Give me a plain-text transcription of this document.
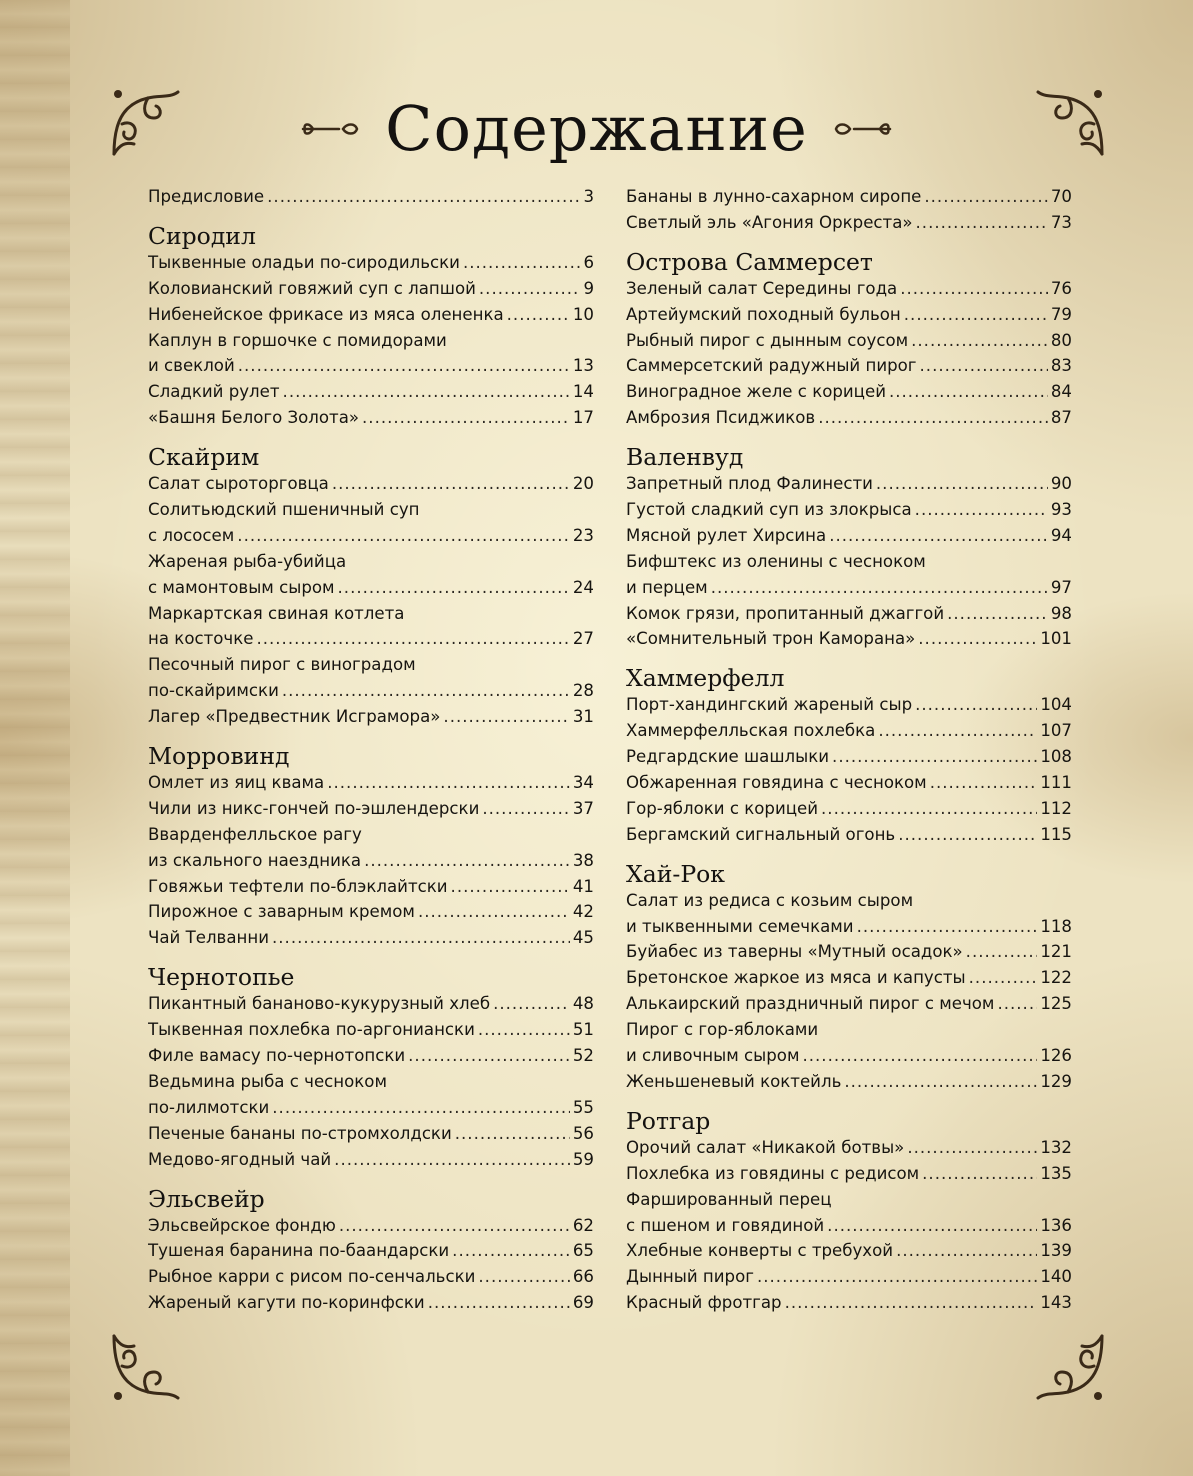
Содержание
Предисловие .....	3
Сиродил
Тыквенные оладьи по-сиродильски .....	6
Коловианский говяжий суп с лапшой .....	9
Нибенейское фрикасе из мяса олененка .....	10
Каплун в горшочке с помидорами
и свеклой .....	13
Сладкий рулет .....	14
«Башня Белого Золота» .....	17
Скайрим
Салат сыроторговца .....	20
Солитьюдский пшеничный суп
с лососем .....	23
Жареная рыба-убийца
с мамонтовым сыром .....	24
Маркартская свиная котлета
на косточке .....	27
Песочный пирог с виноградом
по-скайримски .....	28
Лагер «Предвестник Исграмора» .....	31
Морровинд
Омлет из яиц квама .....	34
Чили из никс-гончей по-эшлендерски .....	37
Вварденфелльское рагу
из скального наездника .....	38
Говяжьи тефтели по-блэклайтски .....	41
Пирожное с заварным кремом .....	42
Чай Телванни .....	45
Чернотопье
Пикантный бананово-кукурузный хлеб .....	48
Тыквенная похлебка по-аргониански .....	51
Филе вамасу по-чернотопски .....	52
Ведьмина рыба с чесноком
по-лилмотски .....	55
Печеные бананы по-стромхолдски .....	56
Медово-ягодный чай .....	59
Эльсвейр
Эльсвейрское фондю .....	62
Тушеная баранина по-баандарски .....	65
Рыбное карри с рисом по-сенчальски .....	66
Жареный кагути по-коринфски .....	69
Бананы в лунно-сахарном сиропе .....	70
Светлый эль «Агония Оркреста» .....	73
Острова Саммерсет
Зеленый салат Середины года .....	76
Артейумский походный бульон .....	79
Рыбный пирог с дынным соусом .....	80
Саммерсетский радужный пирог .....	83
Виноградное желе с корицей .....	84
Амброзия Псиджиков .....	87
Валенвуд
Запретный плод Фалинести .....	90
Густой сладкий суп из злокрыса .....	93
Мясной рулет Хирсина .....	94
Бифштекс из оленины с чесноком
и перцем .....	97
Комок грязи, пропитанный джаггой .....	98
«Сомнительный трон Каморана» .....	101
Хаммерфелл
Порт-хандингский жареный сыр .....	104
Хаммерфелльская похлебка .....	107
Редгардские шашлыки .....	108
Обжаренная говядина с чесноком .....	111
Гор-яблоки с корицей .....	112
Бергамский сигнальный огонь .....	115
Хай-Рок
Салат из редиса с козьим сыром
и тыквенными семечками .....	118
Буйабес из таверны «Мутный осадок» .....	121
Бретонское жаркое из мяса и капусты .....	122
Алькаирский праздничный пирог с мечом .....	125
Пирог с гор-яблоками
и сливочным сыром .....	126
Женьшеневый коктейль .....	129
Ротгар
Орочий салат «Никакой ботвы» .....	132
Похлебка из говядины с редисом .....	135
Фаршированный перец
с пшеном и говядиной .....	136
Хлебные конверты с требухой .....	139
Дынный пирог .....	140
Красный фротгар .....	143
